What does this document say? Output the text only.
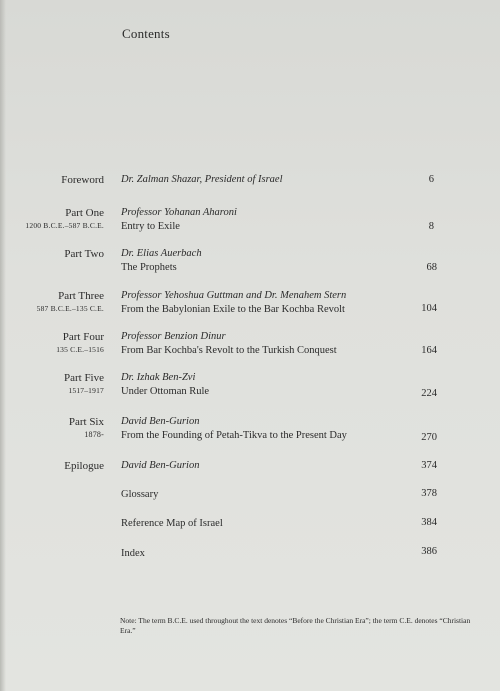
Contents
Foreword Dr. Zalman Shazar, President of Israel	6
Part One
1200 B.C.E.–587 B.C.E.
Professor Yohanan Aharoni
Entry to Exile	8
Part Two Dr. Elias Auerbach
The Prophets	68
Part Three
587 B.C.E.–135 C.E.
Professor Yehoshua Guttman and Dr. Menahem Stern
From the Babylonian Exile to the Bar Kochba Revolt	104
Part Four
135 C.E.–1516
Professor Benzion Dinur
From Bar Kochba's Revolt to the Turkish Conquest	164
Part Five
1517–1917
Dr. Izhak Ben-Zvi
Under Ottoman Rule	224
Part Six
1878-
David Ben-Gurion
From the Founding of Petah-Tikva to the Present Day	270
Epilogue David Ben-Gurion	374
Glossary	378
Reference Map of Israel	384
Index	386
Note: The term B.C.E. used throughout the text denotes “Before the Christian Era”; the term C.E. denotes “Christian Era.”
